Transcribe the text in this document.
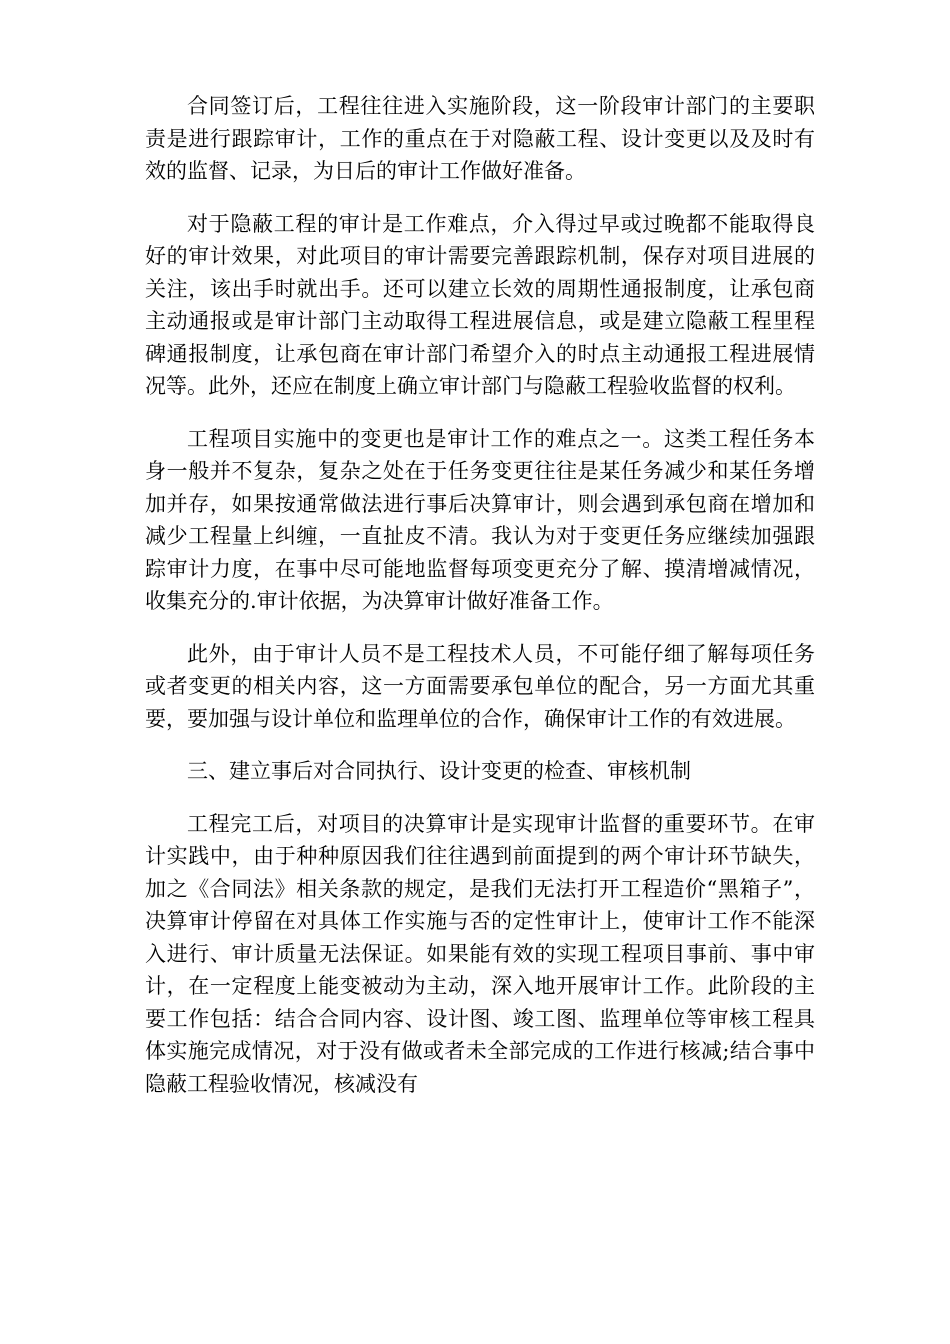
合同签订后，工程往往进入实施阶段，这一阶段审计部门的主要职责是进行跟踪审计，工作的重点在于对隐蔽工程、设计变更以及及时有效的监督、记录，为日后的审计工作做好准备。

对于隐蔽工程的审计是工作难点，介入得过早或过晚都不能取得良好的审计效果，对此项目的审计需要完善跟踪机制，保存对项目进展的关注，该出手时就出手。还可以建立长效的周期性通报制度，让承包商主动通报或是审计部门主动取得工程进展信息，或是建立隐蔽工程里程碑通报制度，让承包商在审计部门希望介入的时点主动通报工程进展情况等。此外，还应在制度上确立审计部门与隐蔽工程验收监督的权利。

工程项目实施中的变更也是审计工作的难点之一。这类工程任务本身一般并不复杂，复杂之处在于任务变更往往是某任务减少和某任务增加并存，如果按通常做法进行事后决算审计，则会遇到承包商在增加和减少工程量上纠缠，一直扯皮不清。我认为对于变更任务应继续加强跟踪审计力度，在事中尽可能地监督每项变更充分了解、摸清增减情况，收集充分的.审计依据，为决算审计做好准备工作。

此外，由于审计人员不是工程技术人员，不可能仔细了解每项任务或者变更的相关内容，这一方面需要承包单位的配合，另一方面尤其重要，要加强与设计单位和监理单位的合作，确保审计工作的有效进展。

三、建立事后对合同执行、设计变更的检查、审核机制

工程完工后，对项目的决算审计是实现审计监督的重要环节。在审计实践中，由于种种原因我们往往遇到前面提到的两个审计环节缺失，加之《合同法》相关条款的规定，是我们无法打开工程造价“黑箱子”，决算审计停留在对具体工作实施与否的定性审计上，使审计工作不能深入进行、审计质量无法保证。如果能有效的实现工程项目事前、事中审计，在一定程度上能变被动为主动，深入地开展审计工作。此阶段的主要工作包括：结合合同内容、设计图、竣工图、监理单位等审核工程具体实施完成情况，对于没有做或者未全部完成的工作进行核减;结合事中隐蔽工程验收情况，核减没有
